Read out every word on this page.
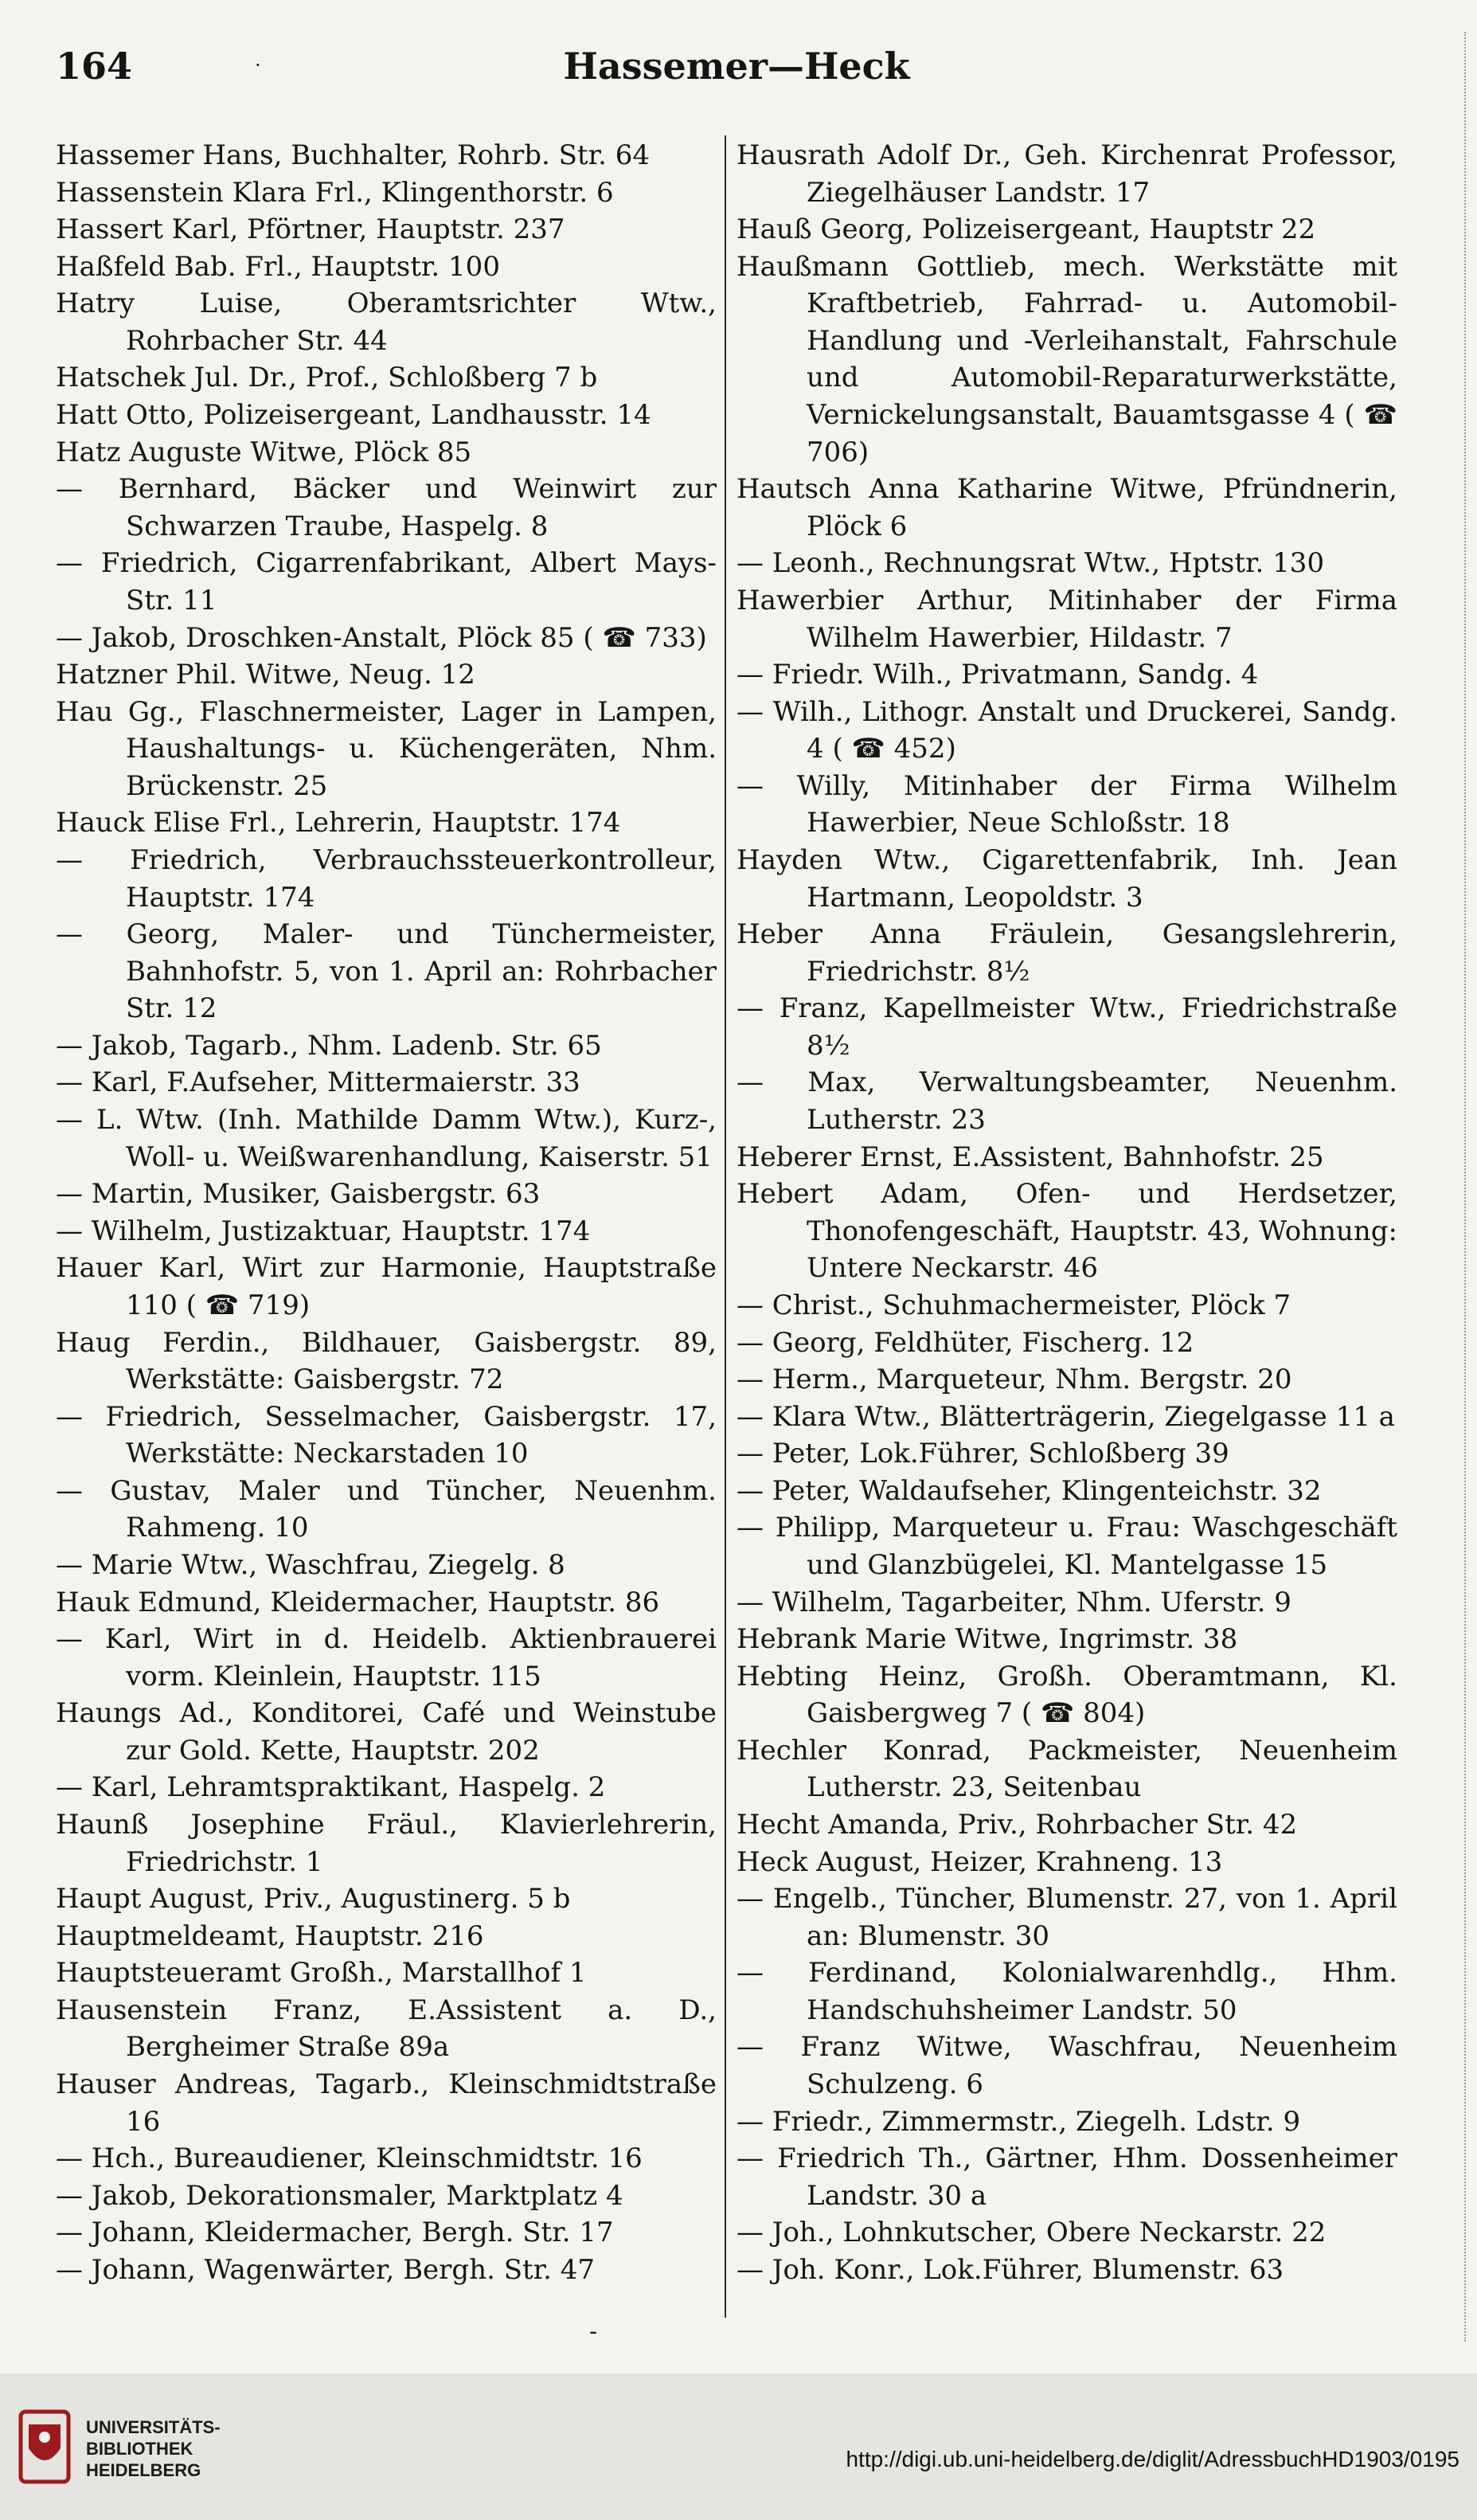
164	·	Hassemer—Heck

Hassemer Hans, Buchhalter, Rohrb. Str. 64

Hassenstein Klara Frl., Klingenthorstr. 6

Hassert Karl, Pförtner, Hauptstr. 237

Haßfeld Bab. Frl., Hauptstr. 100

Hatry Luise, Oberamtsrichter Wtw., Rohrbacher Str. 44

Hatschek Jul. Dr., Prof., Schloßberg 7 b

Hatt Otto, Polizeisergeant, Landhausstr. 14

Hatz Auguste Witwe, Plöck 85

— Bernhard, Bäcker und Weinwirt zur Schwarzen Traube, Haspelg. 8

— Friedrich, Cigarrenfabrikant, Albert Mays-Str. 11

— Jakob, Droschken-Anstalt, Plöck 85 ( ☎ 733)

Hatzner Phil. Witwe, Neug. 12

Hau Gg., Flaschnermeister, Lager in Lampen, Haushaltungs- u. Küchengeräten, Nhm. Brückenstr. 25

Hauck Elise Frl., Lehrerin, Hauptstr. 174

— Friedrich, Verbrauchssteuerkontrolleur, Hauptstr. 174

— Georg, Maler- und Tünchermeister, Bahnhofstr. 5, von 1. April an: Rohrbacher Str. 12

— Jakob, Tagarb., Nhm. Ladenb. Str. 65

— Karl, F.Aufseher, Mittermaierstr. 33

— L. Wtw. (Inh. Mathilde Damm Wtw.), Kurz-, Woll- u. Weißwarenhandlung, Kaiserstr. 51

— Martin, Musiker, Gaisbergstr. 63

— Wilhelm, Justizaktuar, Hauptstr. 174

Hauer Karl, Wirt zur Harmonie, Hauptstraße 110 ( ☎ 719)

Haug Ferdin., Bildhauer, Gaisbergstr. 89, Werkstätte: Gaisbergstr. 72

— Friedrich, Sesselmacher, Gaisbergstr. 17, Werkstätte: Neckarstaden 10

— Gustav, Maler und Tüncher, Neuenhm. Rahmeng. 10

— Marie Wtw., Waschfrau, Ziegelg. 8

Hauk Edmund, Kleidermacher, Hauptstr. 86

— Karl, Wirt in d. Heidelb. Aktienbrauerei vorm. Kleinlein, Hauptstr. 115

Haungs Ad., Konditorei, Café und Weinstube zur Gold. Kette, Hauptstr. 202

— Karl, Lehramtspraktikant, Haspelg. 2

Haunß Josephine Fräul., Klavierlehrerin, Friedrichstr. 1

Haupt August, Priv., Augustinerg. 5 b

Hauptmeldeamt, Hauptstr. 216

Hauptsteueramt Großh., Marstallhof 1

Hausenstein Franz, E.Assistent a. D., Bergheimer Straße 89a

Hauser Andreas, Tagarb., Kleinschmidtstraße 16

— Hch., Bureaudiener, Kleinschmidtstr. 16

— Jakob, Dekorationsmaler, Marktplatz 4

— Johann, Kleidermacher, Bergh. Str. 17

— Johann, Wagenwärter, Bergh. Str. 47

Hausrath Adolf Dr., Geh. Kirchenrat Professor, Ziegelhäuser Landstr. 17

Hauß Georg, Polizeisergeant, Hauptstr 22

Haußmann Gottlieb, mech. Werkstätte mit Kraftbetrieb, Fahrrad- u. Automobil-Handlung und -Verleihanstalt, Fahrschule und Automobil-Reparaturwerkstätte, Vernickelungsanstalt, Bauamtsgasse 4 ( ☎ 706)

Hautsch Anna Katharine Witwe, Pfründnerin, Plöck 6

— Leonh., Rechnungsrat Wtw., Hptstr. 130

Hawerbier Arthur, Mitinhaber der Firma Wilhelm Hawerbier, Hildastr. 7

— Friedr. Wilh., Privatmann, Sandg. 4

— Wilh., Lithogr. Anstalt und Druckerei, Sandg. 4 ( ☎ 452)

— Willy, Mitinhaber der Firma Wilhelm Hawerbier, Neue Schloßstr. 18

Hayden Wtw., Cigarettenfabrik, Inh. Jean Hartmann, Leopoldstr. 3

Heber Anna Fräulein, Gesangslehrerin, Friedrichstr. 8½

— Franz, Kapellmeister Wtw., Friedrichstraße 8½

— Max, Verwaltungsbeamter, Neuenhm. Lutherstr. 23

Heberer Ernst, E.Assistent, Bahnhofstr. 25

Hebert Adam, Ofen- und Herdsetzer, Thonofengeschäft, Hauptstr. 43, Wohnung: Untere Neckarstr. 46

— Christ., Schuhmachermeister, Plöck 7

— Georg, Feldhüter, Fischerg. 12

— Herm., Marqueteur, Nhm. Bergstr. 20

— Klara Wtw., Blätterträgerin, Ziegelgasse 11 a

— Peter, Lok.Führer, Schloßberg 39

— Peter, Waldaufseher, Klingenteichstr. 32

— Philipp, Marqueteur u. Frau: Waschgeschäft und Glanzbügelei, Kl. Mantelgasse 15

— Wilhelm, Tagarbeiter, Nhm. Uferstr. 9

Hebrank Marie Witwe, Ingrimstr. 38

Hebting Heinz, Großh. Oberamtmann, Kl. Gaisbergweg 7 ( ☎ 804)

Hechler Konrad, Packmeister, Neuenheim Lutherstr. 23, Seitenbau

Hecht Amanda, Priv., Rohrbacher Str. 42

Heck August, Heizer, Krahneng. 13

— Engelb., Tüncher, Blumenstr. 27, von 1. April an: Blumenstr. 30

— Ferdinand, Kolonialwarenhdlg., Hhm. Handschuhsheimer Landstr. 50

— Franz Witwe, Waschfrau, Neuenheim Schulzeng. 6

— Friedr., Zimmermstr., Ziegelh. Ldstr. 9

— Friedrich Th., Gärtner, Hhm. Dossenheimer Landstr. 30 a

— Joh., Lohnkutscher, Obere Neckarstr. 22

— Joh. Konr., Lok.Führer, Blumenstr. 63

-
UNIVERSITÄTS-
BIBLIOTHEK
HEIDELBERG	http://digi.ub.uni-heidelberg.de/diglit/AdressbuchHD1903/0195
